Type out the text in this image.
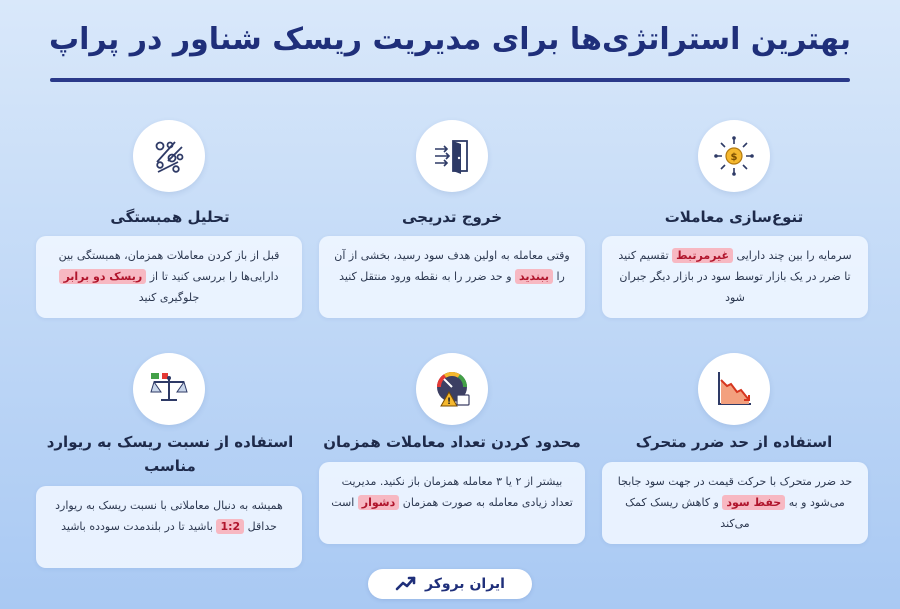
بهترین استراتژی‌ها برای مدیریت ریسک شناور در پراپ
$
تنوع‌سازی معاملات
سرمایه را بین چند دارایی غیرمرتبط تقسیم کنید تا ضرر در یک بازار توسط سود در بازار دیگر جبران شود
خروج تدریجی
وقتی معامله به اولین هدف سود رسید، بخشی از آن را ببندید و حد ضرر را به نقطه ورود منتقل کنید
تحلیل همبستگی
قبل از باز کردن معاملات همزمان، همبستگی بین دارایی‌ها را بررسی کنید تا از ریسک دو برابر جلوگیری کنید
استفاده از حد ضرر متحرک
حد ضرر متحرک با حرکت قیمت در جهت سود جابجا می‌شود و به حفظ سود و کاهش ریسک کمک می‌کند
!
محدود کردن تعداد معاملات همزمان
بیشتر از ۲ یا ۳ معامله همزمان باز نکنید. مدیریت تعداد زیادی معامله به صورت همزمان دشوار است
استفاده از نسبت ریسک به ریوارد مناسب
همیشه به دنبال معاملاتی با نسبت ریسک به ریوارد حداقل 1:2 باشید تا در بلندمدت سودده باشید
ایران بروکر
